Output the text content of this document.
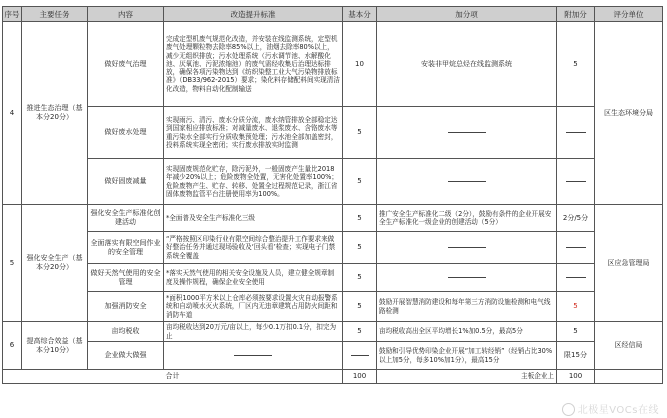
序号	主要任务	内容	改造提升标准	基本分	加分项	附加分	评分单位
4	推进生态治理（基本分20分）	做好废气治理	完成定型机废气规范化改造，并安装在线监测系统，定型机废气处理颗粒物去除率85%以上，油烟去除率80%以上，减少无组织排放；污水处理系统（污水调节池、水解酸化池、厌氧池、污泥浓缩池）的废气需经收集后治理达标排放，确保各项污染物达到《纺织染整工业大气污染物排放标准》（DB33/962-2015）要求；染化料存储配料间实现清洁化改造，物料自动化配制输送	10	安装非甲烷总烃在线监测系统	5	区生态环境分局
		做好废水处理	实现雨污、清污、废水分质分流，废水纳管排放全部稳定达到国家相应排放标准；对减量废水、退浆废水、含铬废水等重污染水全部实行分质收集预处理；污水池全部加盖密封，投料系统实现全密闭；实行废水排放实时监测	5			
		做好固废减量	实现固废规范化贮存，除污泥外，一般固废产生量比2018年减少20%以上；危险废物全处置，无害化处置率100%；危险废物产生、贮存、转移、处置全过程规范记录，浙江省固体废物监管平台注册使用率为100%。	5			
5	强化安全生产（基本分20分）	强化安全生产标准化创建活动	*全面普及安全生产标准化三级	5	推广安全生产标准化二级（2分），鼓励有条件的企业开展安全生产标准化一级企业的创建活动（5分）	2分/5分	区应急管理局
		全面落实有限空间作业的安全管理	“严格按照区印染行业有限空间综合整治提升工作要求来做好整治任务并通过现场验收及‘回头看’检查；实现电子门禁系统全覆盖	5			
		做好天然气使用的安全管理	*落实天然气使用的相关安全设施及人员，建立健全规章制度及操作规程，确保企业安全使用	5			
		加强消防安全	*面积1000平方米以上仓库必须按要求设置火灾自动报警系统和自动喷水灭火系统，厂区内无违章建筑占用防火间距和消防车道	5	鼓励开展智慧消防建设和每年第三方消防设施检测和电气线路检测	5	
6	提高综合效益（基本分10分）	亩均税收	亩均税收达到20万元/亩以上，每少0.1万扣0.1分，扣完为止	5	亩均税收高出全区平均增长1%加0.5分，最高5分	5	区经信局
		企业做大做强			鼓励和引导优势印染企业开展“加工转经销”（经销占比30%以上加5分，每多10%加1分），最高15分	限15分	
合计				100	主板企业上	100	
北极星VOCs在线
